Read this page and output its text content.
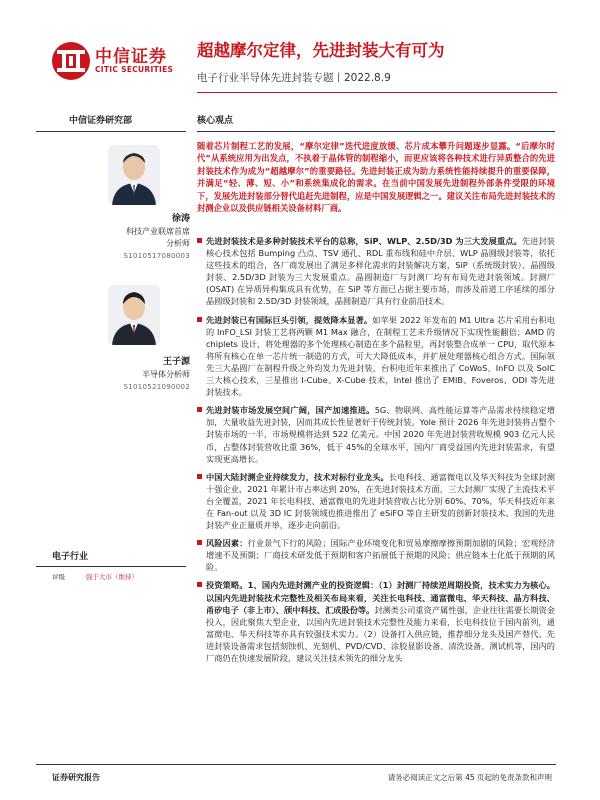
中信证券
CITIC SECURITIES
超越摩尔定律，先进封装大有可为
电子行业半导体先进封装专题丨2022.8.9
中信证券研究部	核心观点
徐涛
科技产业联席首席
分析师
S1010517080003
王子源
半导体分析师
S1010521090002
电子行业
评级	强于大市（维持）
随着芯片制程工艺的发展，“摩尔定律”迭代进度放缓、芯片成本攀升问题逐步显露。“后摩尔时代”从系统应用为出发点，不执着于晶体管的制程缩小，而更应该将各种技术进行异质整合的先进封装技术作为成为“超越摩尔”的重要路径。先进封装正成为助力系统性能持续提升的重要保障，并满足“轻、薄、短、小”和系统集成化的需求。在当前中国发展先进制程外部条件受限的环境下，发展先进封装部分替代追赶先进制程，应是中国发展逻辑之一。建议关注布局先进封装技术的封测企业以及供应链相关设备材料厂商。
先进封装技术是多种封装技术平台的总称，SiP、WLP、2.5D/3D 为三大发展重点。先进封装核心技术包括 Bumping 凸点、TSV 通孔、RDL 重布线和硅中介层、WLP 晶圆级封装等，依托这些技术的组合，各厂商发展出了满足多样化需求的封装解决方案，SiP（系统级封装）、晶圆级封装、2.5D/3D 封装为三大发展重点。晶圆制造厂与封测厂均有布局先进封装领域。封测厂(OSAT) 在异质异构集成具有优势，在 SiP 等方面已占据主要市场，而涉及前道工序延续的部分晶圆级封装和 2.5D/3D 封装领域，晶圆制造厂具有行业前沿技术。
先进封装已有国际巨头引领，提效降本显著。如苹果 2022 年发布的 M1 Ultra 芯片采用台积电的 InFO_LSI 封装工艺将两颗 M1 Max 融合，在制程工艺未升级情况下实现性能翻倍；AMD 的 chiplets 设计，将处理器的多个处理核心制造在多个晶粒里，再封装整合成单一 CPU，取代原本将所有核心在单一芯片统一制造的方式，可大大降低成本，并扩展处理器核心组合方式。国际领先三大晶圆厂在制程升级之外均发力先进封装，台积电近年来推出了 CoWoS、InFO 以及 SoIC 三大核心技术，三星推出 I-Cube、X-Cube 技术，Intel 推出了 EMIB、Foveros、ODI 等先进封装技术。
先进封装市场发展空间广阔，国产加速推进。5G、物联网、高性能运算等产品需求持续稳定增加，大量收益先进封装，因而其成长性显著好于传统封装。Yole 预计 2026 年先进封装将占整个封装市场的一半，市场规模将达到 522 亿美元。中国 2020 年先进封装营收规模 903 亿元人民币，占整体封装营收比重 36%，低于 45%的全球水平，国内厂商受益国内先进封装需求，有望实现更高增长。
中国大陆封测企业持续发力，技术对标行业龙头。长电科技、通富微电以及华天科技为全球封测十强企业，2021 年累计市占率达到 20%，在先进封装技术方面，三大封测厂实现了主流技术平台全覆盖，2021 年长电科技、通富微电的先进封装营收占比分别 60%、70%，华天科技近年来在 Fan-out 以及 3D IC 封装领域也推进推出了 eSiFO 等自主研发的创新封装技术。我国的先进封装产业正量质并举，逐步走向前沿。
风险因素：行业景气下行的风险；国际产业环境变化和贸易摩擦摩擦预期加剧的风险；宏观经济增速不及预期；厂商技术研发低于预期和客户拓展低于预期的风险；供应链本土化低于预期的风险。
投资策略。1、国内先进封测产业的投资逻辑：（1）封测厂持续逆周期投资，技术实力为核心。以国内先进封装技术完整性及相关布局来看，关注长电科技、通富微电、华天科技、晶方科技、甬矽电子（非上市）、颀中科技、汇成股份等。封测类公司重资产属性强，企业往往需要长期资金投入，因此聚焦大型企业，以国内先进封装技术完整性及能力来看，长电科技位于国内前列，通富微电、华天科技等亦具有较强技术实力。（2）设备打入供应链，推荐细分龙头及国产替代。先进封装设备需求包括刻蚀机、光刻机、PVD/CVD、涂胶显影设备、清洗设备、测试机等，国内的厂商仍在快速发展阶段，建议关注技术领先的细分龙头
证券研究报告	请务必阅读正文之后第 45 页起的免责条款和声明
